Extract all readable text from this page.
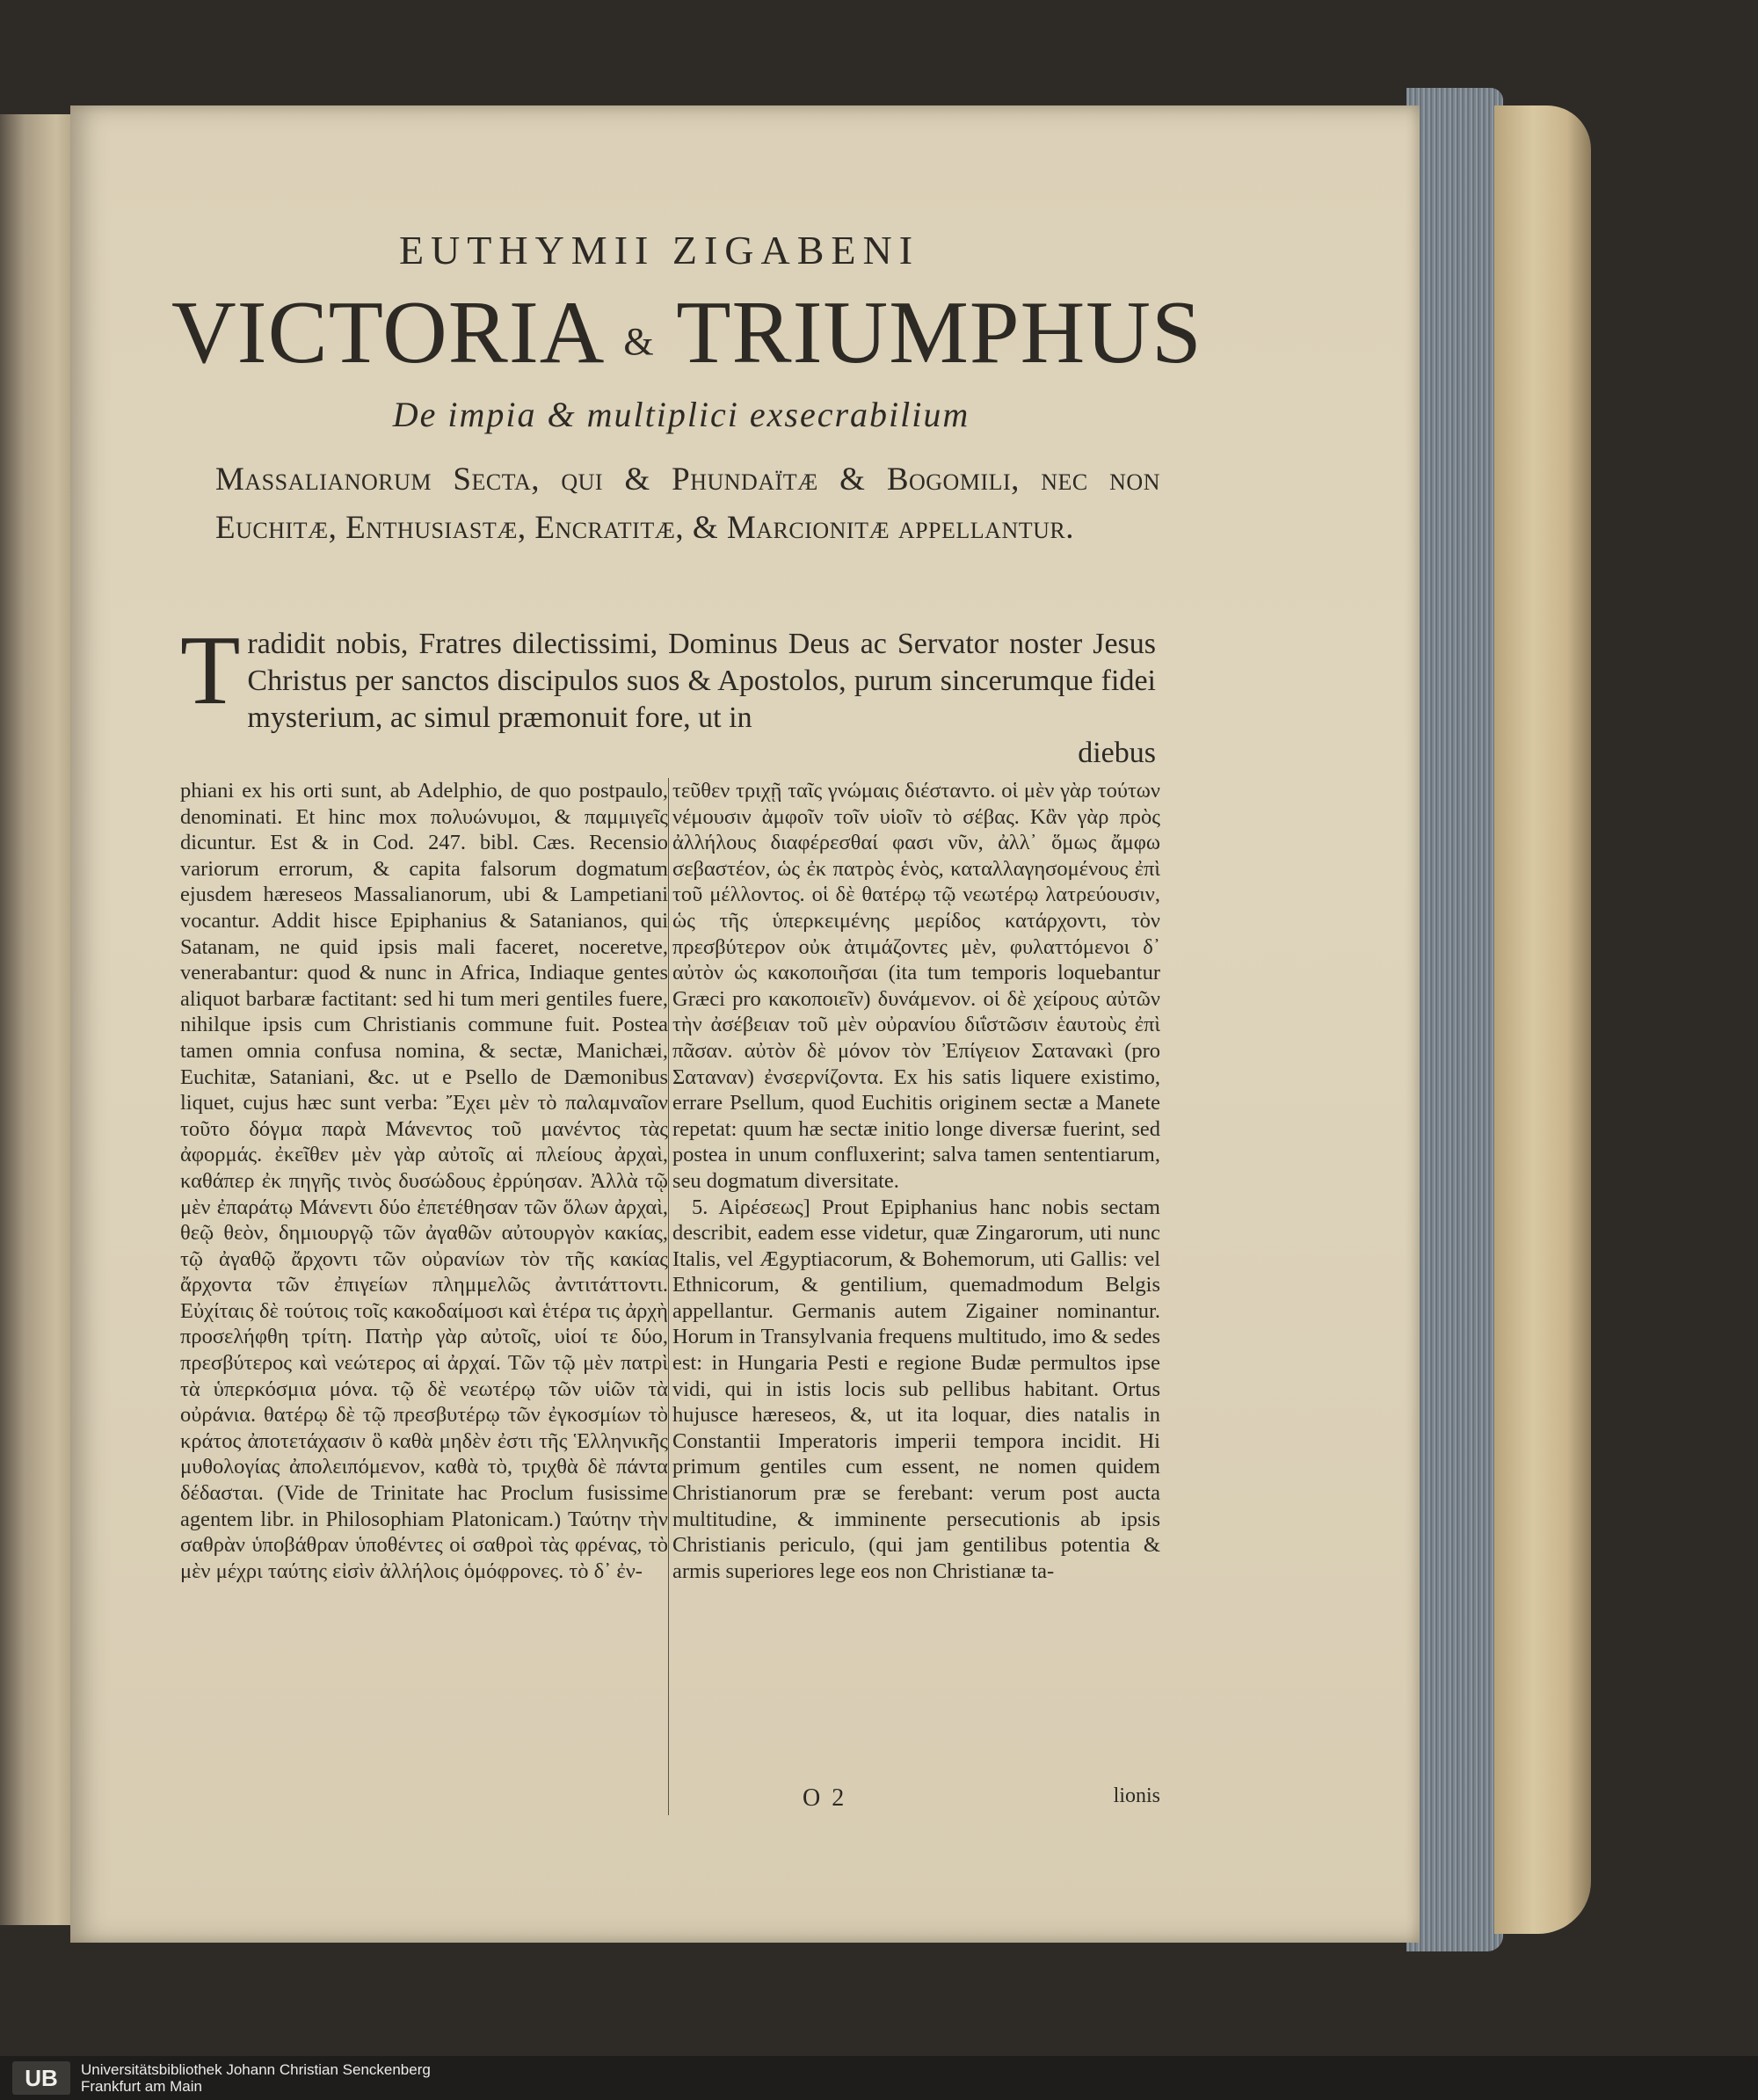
EUTHYMII ZIGABENI
VICTORIA & TRIUMPHUS

De impia & multiplici exsecrabilium

Massalianorum Secta, qui & Phundaïtæ & Bogomili, nec non Euchitæ, Enthusiastæ, Encratitæ, & Marcionitæ appellantur.

T radidit nobis, Fratres dilectissimi, Dominus Deus ac Servator noster Jesus Christus per sanctos discipulos suos & Apostolos, purum sincerumque fidei mysterium, ac simul præmonuit fore, ut in

diebus

phiani ex his orti sunt, ab Adelphio, de quo postpaulo, denominati. Et hinc mox πολυώνυμοι, & παμμιγεῖς dicuntur. Est & in Cod. 247. bibl. Cæs. Recensio variorum errorum, & capita falsorum dogmatum ejusdem hæreseos Massalianorum, ubi & Lampetiani vocantur. Addit hisce Epiphanius & Satanianos, qui Satanam, ne quid ipsis mali faceret, noceretve, venerabantur: quod & nunc in Africa, Indiaque gentes aliquot barbaræ factitant: sed hi tum meri gentiles fuere, nihilque ipsis cum Christianis commune fuit. Postea tamen omnia confusa nomina, & sectæ, Manichæi, Euchitæ, Sataniani, &c. ut e Psello de Dæmonibus liquet, cujus hæc sunt verba: Ἔχει μὲν τὸ παλαμναῖον τοῦτο δόγμα παρὰ Μάνεντος τοῦ μανέντος τὰς ἀφορμάς. ἐκεῖθεν μὲν γὰρ αὐτοῖς αἱ πλείους ἀρχαὶ, καθάπερ ἐκ πηγῆς τινὸς δυσώδους ἐρρύησαν. Ἀλλὰ τῷ μὲν ἐπαράτῳ Μάνεντι δύο ἐπετέθησαν τῶν ὅλων ἀρχαὶ, θεῷ θεὸν, δημιουργῷ τῶν ἀγαθῶν αὐτουργὸν κακίας, τῷ ἀγαθῷ ἄρχοντι τῶν οὐρανίων τὸν τῆς κακίας ἄρχοντα τῶν ἐπιγείων πλημμελῶς ἀντιτάττοντι. Εὐχίταις δὲ τούτοις τοῖς κακοδαίμοσι καὶ ἑτέρα τις ἀρχὴ προσελήφθη τρίτη. Πατὴρ γὰρ αὐτοῖς, υἱοί τε δύο, πρεσβύτερος καὶ νεώτερος αἱ ἀρχαί. Τῶν τῷ μὲν πατρὶ τὰ ὑπερκόσμια μόνα. τῷ δὲ νεωτέρῳ τῶν υἱῶν τὰ οὐράνια. θατέρῳ δὲ τῷ πρεσβυτέρῳ τῶν ἐγκοσμίων τὸ κράτος ἀποτετάχασιν ὃ καθὰ μηδὲν ἐστι τῆς Ἑλληνικῆς μυθολογίας ἀπολειπόμενον, καθὰ τὸ, τριχθὰ δὲ πάντα δέδασται. (Vide de Trinitate hac Proclum fusissime agentem libr. in Philosophiam Platonicam.) Ταύτην τὴν σαθρὰν ὑποβάθραν ὑποθέντες οἱ σαθροὶ τὰς φρένας, τὸ μὲν μέχρι ταύτης εἰσὶν ἀλλήλοις ὁμόφρονες. τὸ δ᾽ ἐν-

τεῦθεν τριχῇ ταῖς γνώμαις διέσταντο. οἱ μὲν γὰρ τούτων νέμουσιν ἀμφοῖν τοῖν υἱοῖν τὸ σέβας. Κἂν γὰρ πρὸς ἀλλήλους διαφέρεσθαί φασι νῦν, ἀλλ᾽ ὅμως ἄμφω σεβαστέον, ὡς ἐκ πατρὸς ἑνὸς, καταλλαγησομένους ἐπὶ τοῦ μέλλοντος. οἱ δὲ θατέρῳ τῷ νεωτέρῳ λατρεύουσιν, ὡς τῆς ὑπερκειμένης μερίδος κατάρχοντι, τὸν πρεσβύτερον οὐκ ἀτιμάζοντες μὲν, φυλαττόμενοι δ᾽ αὐτὸν ὡς κακοποιῆσαι (ita tum temporis loquebantur Græci pro κακοποιεῖν) δυνάμενον. οἱ δὲ χείρους αὐτῶν τὴν ἀσέβειαν τοῦ μὲν οὐρανίου διΐστῶσιν ἑαυτοὺς ἐπὶ πᾶσαν. αὐτὸν δὲ μόνον τὸν Ἐπίγειον Σατανακὶ (pro Σαταναν) ἐνσερνίζοντα. Ex his satis liquere existimo, errare Psellum, quod Euchitis originem sectæ a Manete repetat: quum hæ sectæ initio longe diversæ fuerint, sed postea in unum confluxerint; salva tamen sententiarum, seu dogmatum diversitate.

5. Αἱρέσεως] Prout Epiphanius hanc nobis sectam describit, eadem esse videtur, quæ Zingarorum, uti nunc Italis, vel Ægyptiacorum, & Bohemorum, uti Gallis: vel Ethnicorum, & gentilium, quemadmodum Belgis appellantur. Germanis autem Zigainer nominantur. Horum in Transylvania frequens multitudo, imo & sedes est: in Hungaria Pesti e regione Budæ permultos ipse vidi, qui in istis locis sub pellibus habitant. Ortus hujusce hæreseos, &, ut ita loquar, dies natalis in Constantii Imperatoris imperii tempora incidit. Hi primum gentiles cum essent, ne nomen quidem Christianorum præ se ferebant: verum post aucta multitudine, & imminente persecutionis ab ipsis Christianis periculo, (qui jam gentilibus potentia & armis superiores lege eos non Christianæ ta-

O 2	lionis
UB	Universitätsbibliothek Johann Christian Senckenberg
Frankfurt am Main
